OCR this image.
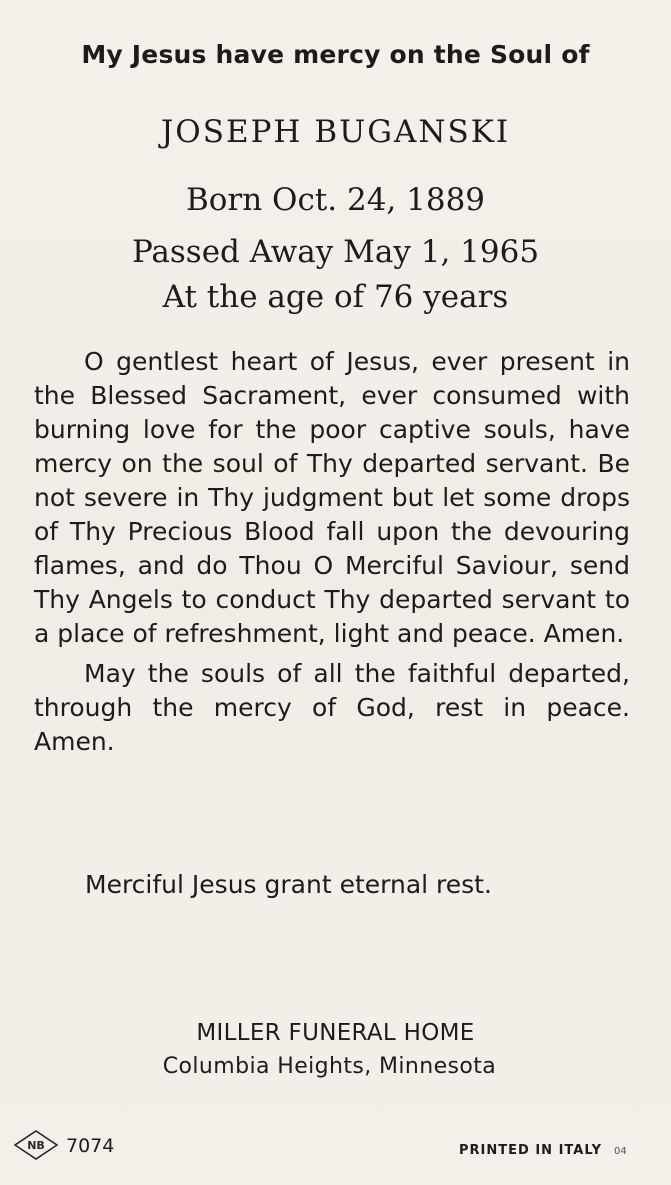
My Jesus have mercy on the Soul of
JOSEPH BUGANSKI
Born Oct. 24, 1889
Passed Away May 1, 1965
At the age of 76 years

O gentlest heart of Jesus, ever present in the Blessed Sacrament, ever consumed with burning love for the poor captive souls, have mercy on the soul of Thy departed servant. Be not severe in Thy judgment but let some drops of Thy Precious Blood fall upon the devouring flames, and do Thou O Merciful Saviour, send Thy Angels to conduct Thy departed servant to a place of refreshment, light and peace. Amen.

May the souls of all the faithful departed, through the mercy of God, rest in peace. Amen.

Merciful Jesus grant eternal rest.
MILLER FUNERAL HOME
Columbia Heights, Minnesota
NB 7074	PRINTED IN ITALY 04
